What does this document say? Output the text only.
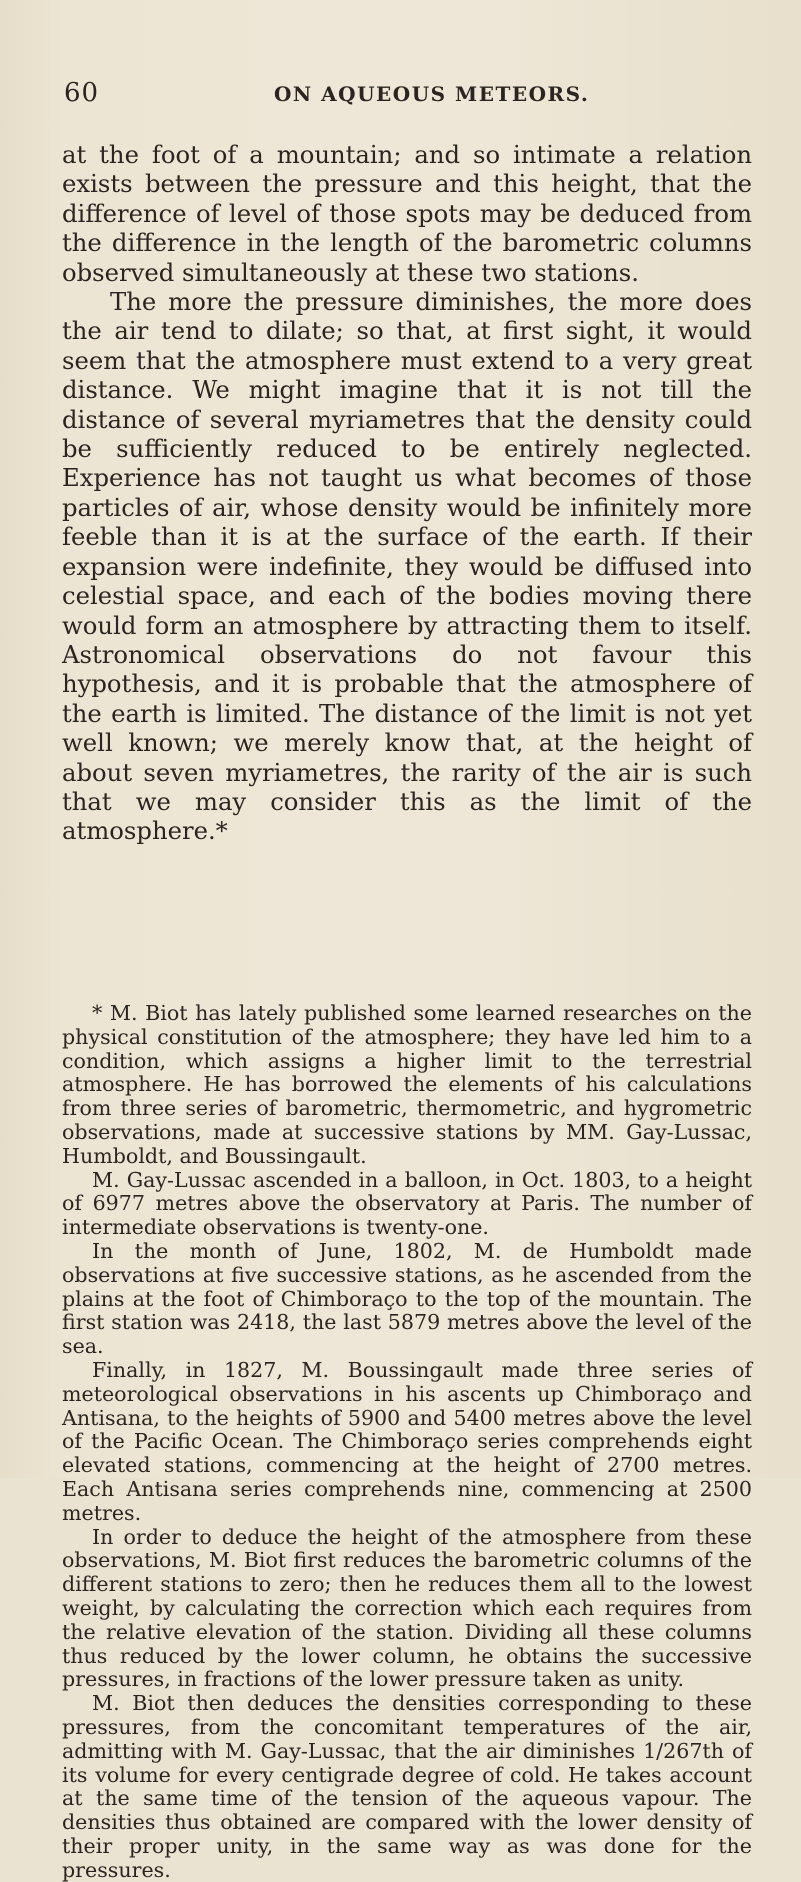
60	ON AQUEOUS METEORS.

at the foot of a mountain; and so intimate a relation exists between the pressure and this height, that the difference of level of those spots may be deduced from the difference in the length of the barometric columns observed simultaneously at these two stations.

The more the pressure diminishes, the more does the air tend to dilate; so that, at first sight, it would seem that the atmosphere must extend to a very great distance. We might imagine that it is not till the distance of several myriametres that the density could be sufficiently reduced to be entirely neglected. Experience has not taught us what becomes of those particles of air, whose density would be infinitely more feeble than it is at the surface of the earth. If their expansion were indefinite, they would be diffused into celestial space, and each of the bodies moving there would form an atmosphere by attracting them to itself. Astronomical observations do not favour this hypothesis, and it is probable that the atmosphere of the earth is limited. The distance of the limit is not yet well known; we merely know that, at the height of about seven myriametres, the rarity of the air is such that we may consider this as the limit of the atmosphere.*

* M. Biot has lately published some learned researches on the physical constitution of the atmosphere; they have led him to a condition, which assigns a higher limit to the terrestrial atmosphere. He has borrowed the elements of his calculations from three series of barometric, thermometric, and hygrometric observations, made at successive stations by MM. Gay-Lussac, Humboldt, and Boussingault.

M. Gay-Lussac ascended in a balloon, in Oct. 1803, to a height of 6977 metres above the observatory at Paris. The number of intermediate observations is twenty-one.

In the month of June, 1802, M. de Humboldt made observations at five successive stations, as he ascended from the plains at the foot of Chimboraço to the top of the mountain. The first station was 2418, the last 5879 metres above the level of the sea.

Finally, in 1827, M. Boussingault made three series of meteorological observations in his ascents up Chimboraço and Antisana, to the heights of 5900 and 5400 metres above the level of the Pacific Ocean. The Chimboraço series comprehends eight elevated stations, commencing at the height of 2700 metres. Each Antisana series comprehends nine, commencing at 2500 metres.

In order to deduce the height of the atmosphere from these observations, M. Biot first reduces the barometric columns of the different stations to zero; then he reduces them all to the lowest weight, by calculating the correction which each requires from the relative elevation of the station. Dividing all these columns thus reduced by the lower column, he obtains the successive pressures, in fractions of the lower pressure taken as unity.

M. Biot then deduces the densities corresponding to these pressures, from the concomitant temperatures of the air, admitting with M. Gay-Lussac, that the air diminishes 1/267th of its volume for every centigrade degree of cold. He takes account at the same time of the tension of the aqueous vapour. The densities thus obtained are compared with the lower density of their proper unity, in the same way as was done for the pressures.
